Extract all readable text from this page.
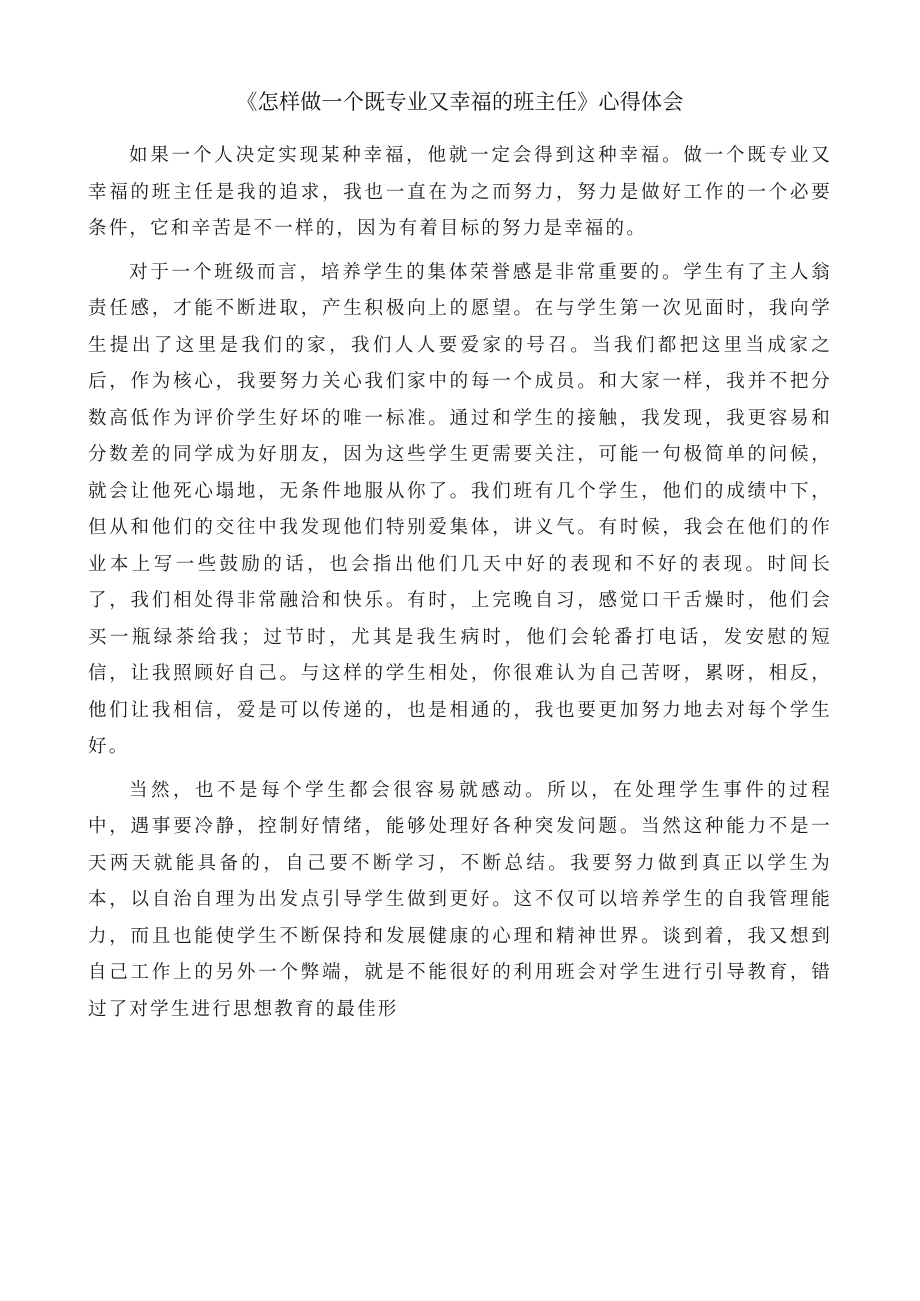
《怎样做一个既专业又幸福的班主任》心得体会

如果一个人决定实现某种幸福，他就一定会得到这种幸福。做一个既专业又幸福的班主任是我的追求，我也一直在为之而努力，努力是做好工作的一个必要条件，它和辛苦是不一样的，因为有着目标的努力是幸福的。

对于一个班级而言，培养学生的集体荣誉感是非常重要的。学生有了主人翁责任感，才能不断进取，产生积极向上的愿望。在与学生第一次见面时，我向学生提出了这里是我们的家，我们人人要爱家的号召。当我们都把这里当成家之后，作为核心，我要努力关心我们家中的每一个成员。和大家一样，我并不把分数高低作为评价学生好坏的唯一标准。通过和学生的接触，我发现，我更容易和分数差的同学成为好朋友，因为这些学生更需要关注，可能一句极简单的问候，就会让他死心塌地，无条件地服从你了。我们班有几个学生，他们的成绩中下，但从和他们的交往中我发现他们特别爱集体，讲义气。有时候，我会在他们的作业本上写一些鼓励的话，也会指出他们几天中好的表现和不好的表现。时间长了，我们相处得非常融洽和快乐。有时，上完晚自习，感觉口干舌燥时，他们会买一瓶绿茶给我；过节时，尤其是我生病时，他们会轮番打电话，发安慰的短信，让我照顾好自己。与这样的学生相处，你很难认为自己苦呀，累呀，相反，他们让我相信，爱是可以传递的，也是相通的，我也要更加努力地去对每个学生好。

当然，也不是每个学生都会很容易就感动。所以，在处理学生事件的过程中，遇事要冷静，控制好情绪，能够处理好各种突发问题。当然这种能力不是一天两天就能具备的，自己要不断学习，不断总结。我要努力做到真正以学生为本，以自治自理为出发点引导学生做到更好。这不仅可以培养学生的自我管理能力，而且也能使学生不断保持和发展健康的心理和精神世界。谈到着，我又想到自己工作上的另外一个弊端，就是不能很好的利用班会对学生进行引导教育，错过了对学生进行思想教育的最佳形
